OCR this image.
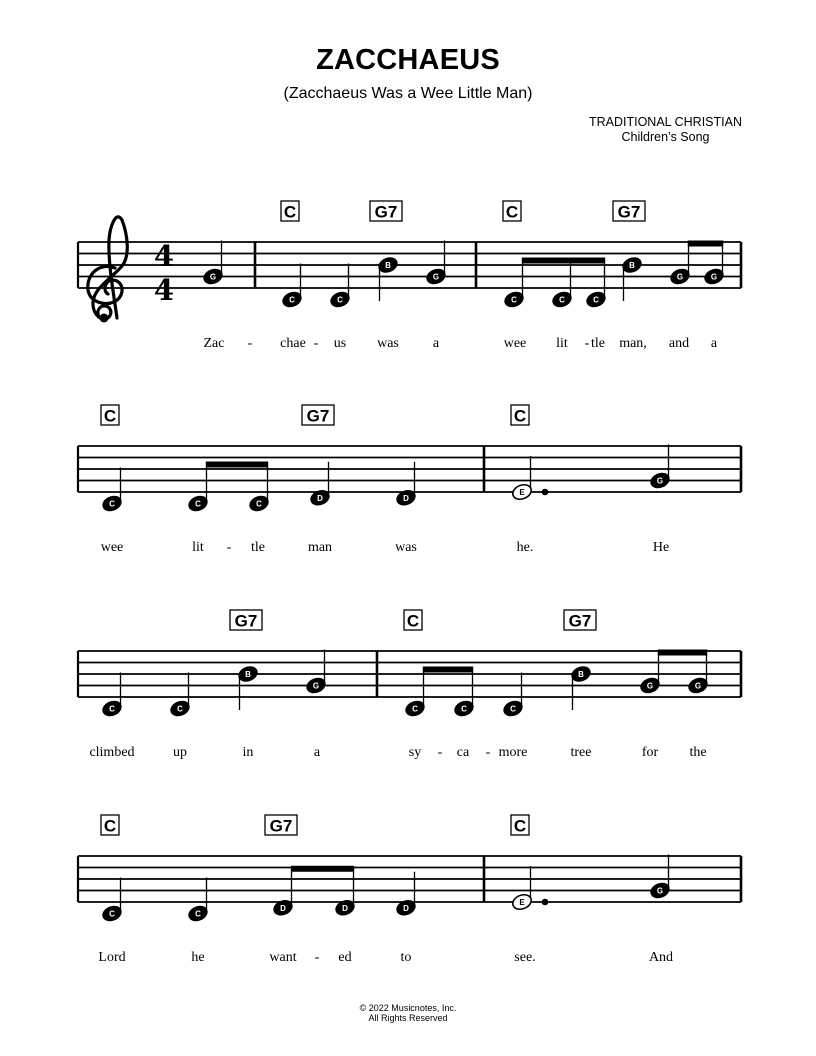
ZACCHAEUS
(Zacchaeus Was a Wee Little Man)
TRADITIONAL CHRISTIAN
Children’s Song
4
4
C	G7	C	G7
G
C	C
B
G
C	C	C
B
G	G
Zac - chae - us was a	wee lit - tle man, and a
C	G7	C
C	C	C
D	D
E
G
wee	lit - tle	man	was	he.	He
G7	C	G7
C	C
B
G
C	C	C
B
G	G
climbed	up	in	a	sy - ca - more	tree	for the
C	G7	C
C	C
D	D	D
E
G
Lord	he	want - ed	to	see.	And
© 2022 Musicnotes, Inc.
All Rights Reserved
